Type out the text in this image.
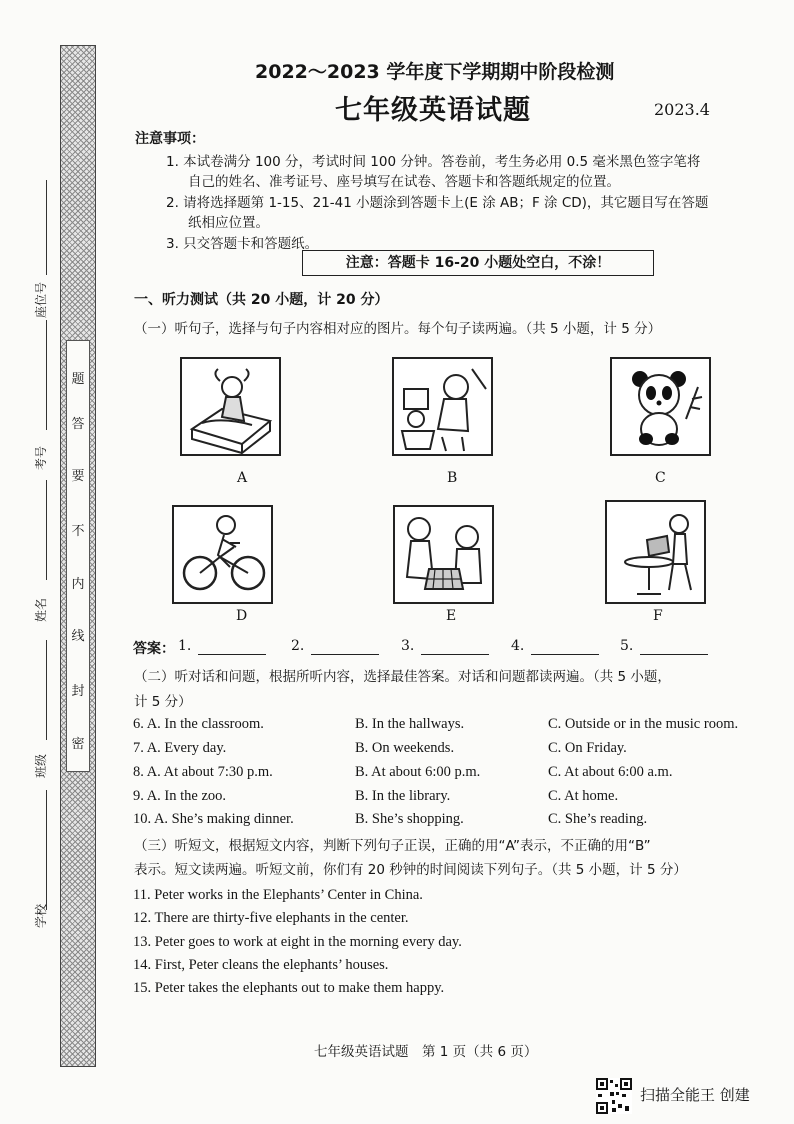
题
答
要
不
内
线
封
密
座位号
考号
姓名
班级
学校
2022～2023 学年度下学期期中阶段检测
七年级英语试题	2023.4
注意事项：
1. 本试卷满分 100 分，考试时间 100 分钟。答卷前，考生务必用 0.5 毫米黑色签字笔将
自己的姓名、准考证号、座号填写在试卷、答题卡和答题纸规定的位置。
2. 请将选择题第 1-15、21-41 小题涂到答题卡上(E 涂 AB；F 涂 CD)，其它题目写在答题
纸相应位置。
3. 只交答题卡和答题纸。
注意：答题卡 16-20 小题处空白，不涂！
一、听力测试（共 20 小题，计 20 分）
（一）听句子，选择与句子内容相对应的图片。每个句子读两遍。（共 5 小题，计 5 分）
A	B	C
D	E	F
答案： 1.	2.	3.	4.	5.
（二）听对话和问题，根据所听内容，选择最佳答案。对话和问题都读两遍。（共 5 小题，
计 5 分）
6. A. In the classroom.	B. In the hallways.	C. Outside or in the music room.
7. A. Every day.	B. On weekends.	C. On Friday.
8. A. At about 7:30 p.m.	B. At about 6:00 p.m.	C. At about 6:00 a.m.
9. A. In the zoo.	B. In the library.	C. At home.
10. A. She’s making dinner.	B. She’s shopping.	C. She’s reading.
（三）听短文，根据短文内容，判断下列句子正误，正确的用“A”表示，不正确的用“B”
表示。短文读两遍。听短文前，你们有 20 秒钟的时间阅读下列句子。（共 5 小题，计 5 分）
11. Peter works in the Elephants’ Center in China.
12. There are thirty-five elephants in the center.
13. Peter goes to work at eight in the morning every day.
14. First, Peter cleans the elephants’ houses.
15. Peter takes the elephants out to make them happy.
七年级英语试题　第 1 页（共 6 页）
扫描全能王 创建
